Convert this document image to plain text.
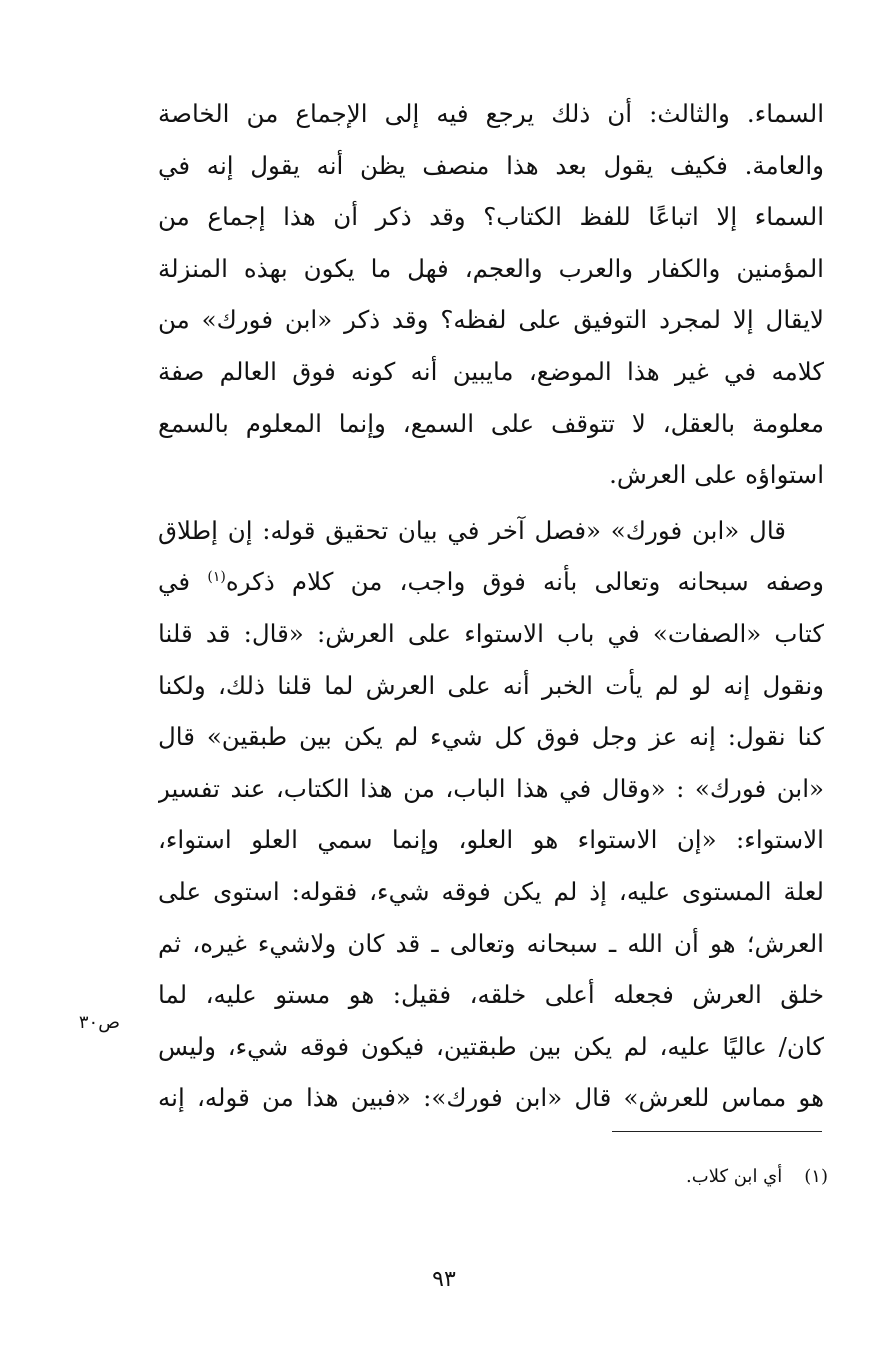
السماء. والثالث: أن ذلك يرجع فيه إلى الإجماع من الخاصة
والعامة. فكيف يقول بعد هذا منصف يظن أنه يقول إنه في
السماء إلا اتباعًا للفظ الكتاب؟ وقد ذكر أن هذا إجماع من
المؤمنين والكفار والعرب والعجم، فهل ما يكون بهذه المنزلة
لايقال إلا لمجرد التوفيق على لفظه؟ وقد ذكر «ابن فورك» من
كلامه في غير هذا الموضع، مايبين أنه كونه فوق العالم صفة
معلومة بالعقل، لا تتوقف على السمع، وإنما المعلوم بالسمع
استواؤه على العرش.
قال «ابن فورك» «فصل آخر في بيان تحقيق قوله: إن إطلاق
وصفه سبحانه وتعالى بأنه فوق واجب، من كلام ذكره$^{(١)}$ في
كتاب «الصفات» في باب الاستواء على العرش: «قال: قد قلنا
ونقول إنه لو لم يأت الخبر أنه على العرش لما قلنا ذلك، ولكنا
كنا نقول: إنه عز وجل فوق كل شيء لم يكن بين طبقين» قال
«ابن فورك» : «وقال في هذا الباب، من هذا الكتاب، عند تفسير
الاستواء: «إن الاستواء هو العلو، وإنما سمي العلو استواء،
لعلة المستوى عليه، إذ لم يكن فوقه شيء، فقوله: استوى على
العرش؛ هو أن الله ـ سبحانه وتعالى ـ قد كان ولاشيء غيره، ثم
خلق العرش فجعله أعلى خلقه، فقيل: هو مستو عليه، لما
كان/ عاليًا عليه، لم يكن بين طبقتين، فيكون فوقه شيء، وليس
هو مماس للعرش» قال «ابن فورك»: «فبين هذا من قوله، إنه
ص٣٠
(١)أي ابن كلاب.
٩٣
